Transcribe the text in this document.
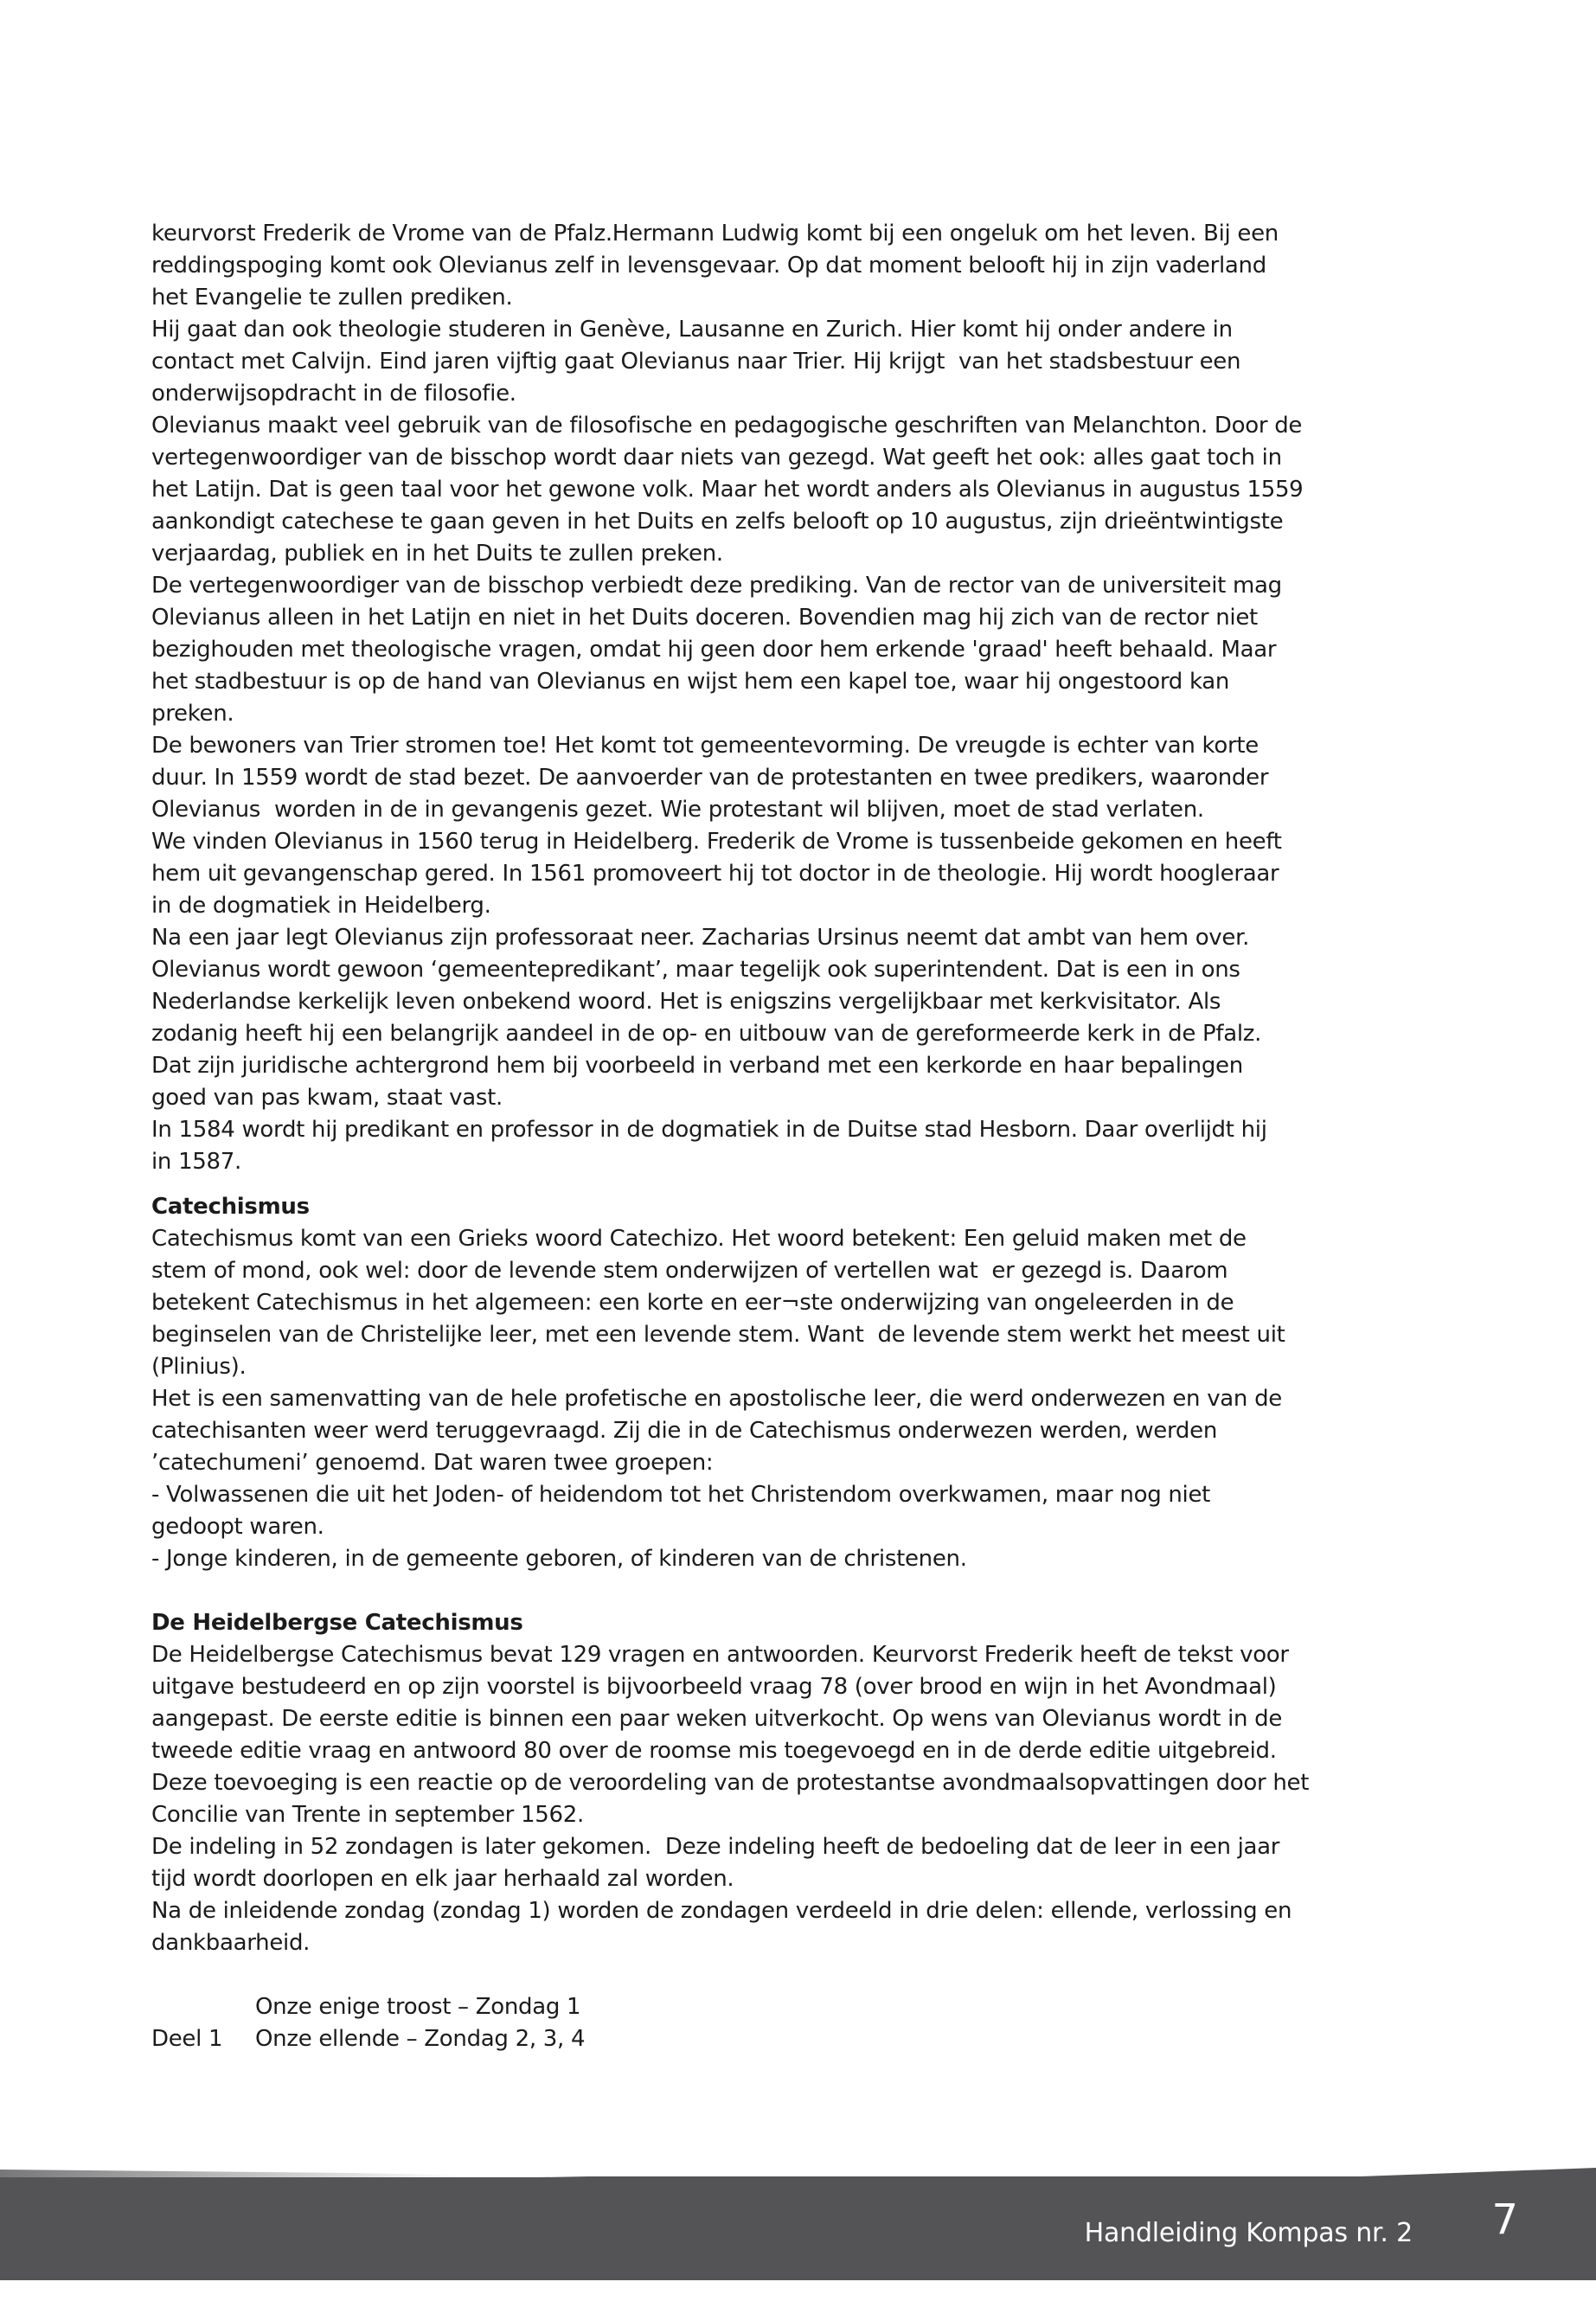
keurvorst Frederik de Vrome van de Pfalz.Hermann Ludwig komt bij een ongeluk om het leven. Bij een
reddingspoging komt ook Olevianus zelf in levensgevaar. Op dat moment belooft hij in zijn vaderland
het Evangelie te zullen prediken.
Hij gaat dan ook theologie studeren in Genève, Lausanne en Zurich. Hier komt hij onder andere in
contact met Calvijn. Eind jaren vijftig gaat Olevianus naar Trier. Hij krijgt  van het stadsbestuur een
onderwijsopdracht in de filosofie.
Olevianus maakt veel gebruik van de filosofische en pedagogische geschriften van Melanchton. Door de
vertegenwoordiger van de bisschop wordt daar niets van gezegd. Wat geeft het ook: alles gaat toch in
het Latijn. Dat is geen taal voor het gewone volk. Maar het wordt anders als Olevianus in augustus 1559
aankondigt catechese te gaan geven in het Duits en zelfs belooft op 10 augustus, zijn drieëntwintigste
verjaardag, publiek en in het Duits te zullen preken.
De vertegenwoordiger van de bisschop verbiedt deze prediking. Van de rector van de universiteit mag
Olevianus alleen in het Latijn en niet in het Duits doceren. Bovendien mag hij zich van de rector niet
bezighouden met theologische vragen, omdat hij geen door hem erkende 'graad' heeft behaald. Maar
het stadbestuur is op de hand van Olevianus en wijst hem een kapel toe, waar hij ongestoord kan
preken.
De bewoners van Trier stromen toe! Het komt tot gemeentevorming. De vreugde is echter van korte
duur. In 1559 wordt de stad bezet. De aanvoerder van de protestanten en twee predikers, waaronder
Olevianus  worden in de in gevangenis gezet. Wie protestant wil blijven, moet de stad verlaten.
We vinden Olevianus in 1560 terug in Heidelberg. Frederik de Vrome is tussenbeide gekomen en heeft
hem uit gevangenschap gered. In 1561 promoveert hij tot doctor in de theologie. Hij wordt hoogleraar
in de dogmatiek in Heidelberg.
Na een jaar legt Olevianus zijn professoraat neer. Zacharias Ursinus neemt dat ambt van hem over.
Olevianus wordt gewoon ‘gemeentepredikant’, maar tegelijk ook superintendent. Dat is een in ons
Nederlandse kerkelijk leven onbekend woord. Het is enigszins vergelijkbaar met kerkvisitator. Als
zodanig heeft hij een belangrijk aandeel in de op- en uitbouw van de gereformeerde kerk in de Pfalz.
Dat zijn juridische achtergrond hem bij voorbeeld in verband met een kerkorde en haar bepalingen
goed van pas kwam, staat vast.
In 1584 wordt hij predikant en professor in de dogmatiek in de Duitse stad Hesborn. Daar overlijdt hij
in 1587.
Catechismus
Catechismus komt van een Grieks woord Catechizo. Het woord betekent: Een geluid maken met de
stem of mond, ook wel: door de levende stem onderwijzen of vertellen wat  er gezegd is. Daarom
betekent Catechismus in het algemeen: een korte en eer¬ste onderwijzing van ongeleerden in de
beginselen van de Christelijke leer, met een levende stem. Want  de levende stem werkt het meest uit
(Plinius).
Het is een samenvatting van de hele profetische en apostolische leer, die werd onderwezen en van de
catechisanten weer werd teruggevraagd. Zij die in de Catechismus onderwezen werden, werden
’catechumeni’ genoemd. Dat waren twee groepen:
- Volwassenen die uit het Joden- of heidendom tot het Christendom overkwamen, maar nog niet
gedoopt waren.
- Jonge kinderen, in de gemeente geboren, of kinderen van de christenen.
De Heidelbergse Catechismus
De Heidelbergse Catechismus bevat 129 vragen en antwoorden. Keurvorst Frederik heeft de tekst voor
uitgave bestudeerd en op zijn voorstel is bijvoorbeeld vraag 78 (over brood en wijn in het Avondmaal)
aangepast. De eerste editie is binnen een paar weken uitverkocht. Op wens van Olevianus wordt in de
tweede editie vraag en antwoord 80 over de roomse mis toegevoegd en in de derde editie uitgebreid.
Deze toevoeging is een reactie op de veroordeling van de protestantse avondmaalsopvattingen door het
Concilie van Trente in september 1562.
De indeling in 52 zondagen is later gekomen.  Deze indeling heeft de bedoeling dat de leer in een jaar
tijd wordt doorlopen en elk jaar herhaald zal worden.
Na de inleidende zondag (zondag 1) worden de zondagen verdeeld in drie delen: ellende, verlossing en
dankbaarheid.
Onze enige troost – Zondag 1
Deel 1	Onze ellende – Zondag 2, 3, 4
Handleiding Kompas nr. 2 7
